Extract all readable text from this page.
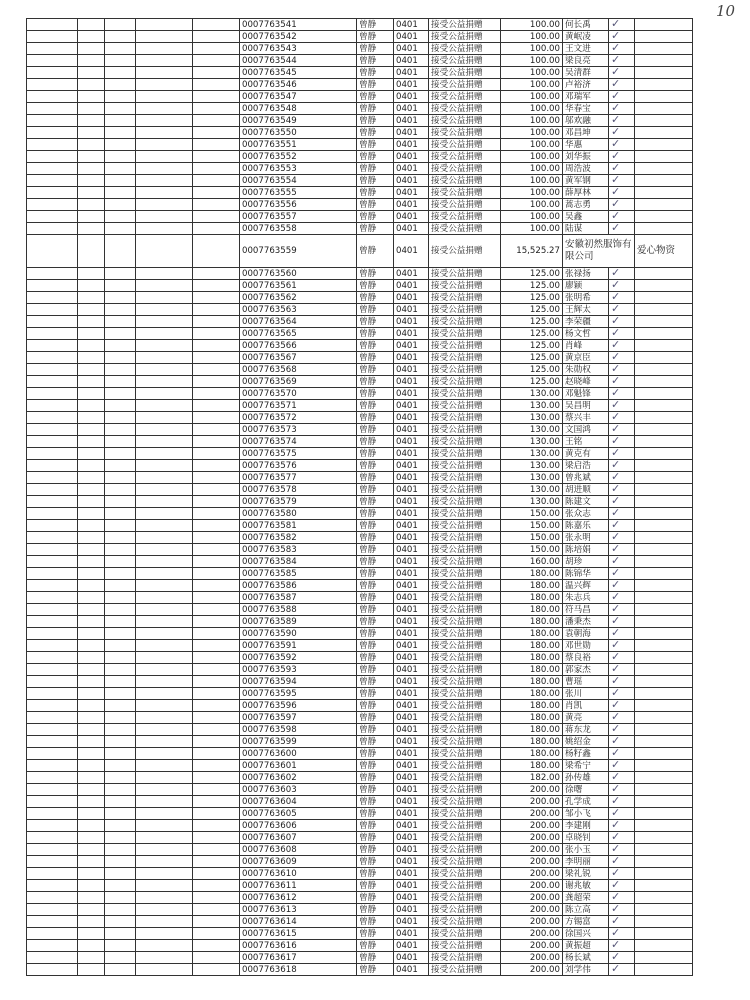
10
					0007763541	曾静	0401	接受公益捐赠	100.00	何长禹	✓	
					0007763542	曾静	0401	接受公益捐赠	100.00	黄岷凌	✓	
					0007763543	曾静	0401	接受公益捐赠	100.00	王文进	✓	
					0007763544	曾静	0401	接受公益捐赠	100.00	梁良亮	✓	
					0007763545	曾静	0401	接受公益捐赠	100.00	吴清群	✓	
					0007763546	曾静	0401	接受公益捐赠	100.00	卢裕济	✓	
					0007763547	曾静	0401	接受公益捐赠	100.00	邓瑞军	✓	
					0007763548	曾静	0401	接受公益捐赠	100.00	华春宝	✓	
					0007763549	曾静	0401	接受公益捐赠	100.00	邬欢融	✓	
					0007763550	曾静	0401	接受公益捐赠	100.00	邓昌坤	✓	
					0007763551	曾静	0401	接受公益捐赠	100.00	华惠	✓	
					0007763552	曾静	0401	接受公益捐赠	100.00	刘华振	✓	
					0007763553	曾静	0401	接受公益捐赠	100.00	周浩波	✓	
					0007763554	曾静	0401	接受公益捐赠	100.00	黄军钢	✓	
					0007763555	曾静	0401	接受公益捐赠	100.00	薛厚林	✓	
					0007763556	曾静	0401	接受公益捐赠	100.00	蒿志勇	✓	
					0007763557	曾静	0401	接受公益捐赠	100.00	吴鑫	✓	
					0007763558	曾静	0401	接受公益捐赠	100.00	陆谋	✓	
					0007763559	曾静	0401	接受公益捐赠	15,525.27	安徽初然服饰有限公司		爱心物资
					0007763560	曾静	0401	接受公益捐赠	125.00	张禄扬	✓	
					0007763561	曾静	0401	接受公益捐赠	125.00	廖颖	✓	
					0007763562	曾静	0401	接受公益捐赠	125.00	张明希	✓	
					0007763563	曾静	0401	接受公益捐赠	125.00	王辉太	✓	
					0007763564	曾静	0401	接受公益捐赠	125.00	李荣疆	✓	
					0007763565	曾静	0401	接受公益捐赠	125.00	杨文哲	✓	
					0007763566	曾静	0401	接受公益捐赠	125.00	肖峰	✓	
					0007763567	曾静	0401	接受公益捐赠	125.00	黄京臣	✓	
					0007763568	曾静	0401	接受公益捐赠	125.00	朱勋权	✓	
					0007763569	曾静	0401	接受公益捐赠	125.00	赵晓峰	✓	
					0007763570	曾静	0401	接受公益捐赠	130.00	邓魁锋	✓	
					0007763571	曾静	0401	接受公益捐赠	130.00	吴昌明	✓	
					0007763572	曾静	0401	接受公益捐赠	130.00	蔡兴丰	✓	
					0007763573	曾静	0401	接受公益捐赠	130.00	文国鸿	✓	
					0007763574	曾静	0401	接受公益捐赠	130.00	王铭	✓	
					0007763575	曾静	0401	接受公益捐赠	130.00	黄克有	✓	
					0007763576	曾静	0401	接受公益捐赠	130.00	梁启浩	✓	
					0007763577	曾静	0401	接受公益捐赠	130.00	曾兆斌	✓	
					0007763578	曾静	0401	接受公益捐赠	130.00	胡进顺	✓	
					0007763579	曾静	0401	接受公益捐赠	130.00	陈建文	✓	
					0007763580	曾静	0401	接受公益捐赠	150.00	张众志	✓	
					0007763581	曾静	0401	接受公益捐赠	150.00	陈嘉乐	✓	
					0007763582	曾静	0401	接受公益捐赠	150.00	张永明	✓	
					0007763583	曾静	0401	接受公益捐赠	150.00	陈培娟	✓	
					0007763584	曾静	0401	接受公益捐赠	160.00	胡珍	✓	
					0007763585	曾静	0401	接受公益捐赠	180.00	陈锦华	✓	
					0007763586	曾静	0401	接受公益捐赠	180.00	温兴辉	✓	
					0007763587	曾静	0401	接受公益捐赠	180.00	朱志兵	✓	
					0007763588	曾静	0401	接受公益捐赠	180.00	符马昌	✓	
					0007763589	曾静	0401	接受公益捐赠	180.00	潘秉杰	✓	
					0007763590	曾静	0401	接受公益捐赠	180.00	袁朝海	✓	
					0007763591	曾静	0401	接受公益捐赠	180.00	邓世勋	✓	
					0007763592	曾静	0401	接受公益捐赠	180.00	蔡良裕	✓	
					0007763593	曾静	0401	接受公益捐赠	180.00	郭家杰	✓	
					0007763594	曾静	0401	接受公益捐赠	180.00	曹瑶	✓	
					0007763595	曾静	0401	接受公益捐赠	180.00	张川	✓	
					0007763596	曾静	0401	接受公益捐赠	180.00	肖凯	✓	
					0007763597	曾静	0401	接受公益捐赠	180.00	黄亮	✓	
					0007763598	曾静	0401	接受公益捐赠	180.00	蒋东龙	✓	
					0007763599	曾静	0401	接受公益捐赠	180.00	姚绍金	✓	
					0007763600	曾静	0401	接受公益捐赠	180.00	杨籽鑫	✓	
					0007763601	曾静	0401	接受公益捐赠	180.00	梁希宁	✓	
					0007763602	曾静	0401	接受公益捐赠	182.00	孙传雄	✓	
					0007763603	曾静	0401	接受公益捐赠	200.00	徐曙	✓	
					0007763604	曾静	0401	接受公益捐赠	200.00	孔学成	✓	
					0007763605	曾静	0401	接受公益捐赠	200.00	邹小飞	✓	
					0007763606	曾静	0401	接受公益捐赠	200.00	李建刚	✓	
					0007763607	曾静	0401	接受公益捐赠	200.00	卓晓钊	✓	
					0007763608	曾静	0401	接受公益捐赠	200.00	张小玉	✓	
					0007763609	曾静	0401	接受公益捐赠	200.00	李明丽	✓	
					0007763610	曾静	0401	接受公益捐赠	200.00	梁礼锐	✓	
					0007763611	曾静	0401	接受公益捐赠	200.00	谢兆敏	✓	
					0007763612	曾静	0401	接受公益捐赠	200.00	龚超荣	✓	
					0007763613	曾静	0401	接受公益捐赠	200.00	陈立高	✓	
					0007763614	曾静	0401	接受公益捐赠	200.00	方锡富	✓	
					0007763615	曾静	0401	接受公益捐赠	200.00	徐国兴	✓	
					0007763616	曾静	0401	接受公益捐赠	200.00	黄振超	✓	
					0007763617	曾静	0401	接受公益捐赠	200.00	杨长斌	✓	
					0007763618	曾静	0401	接受公益捐赠	200.00	刘学伟	✓	
